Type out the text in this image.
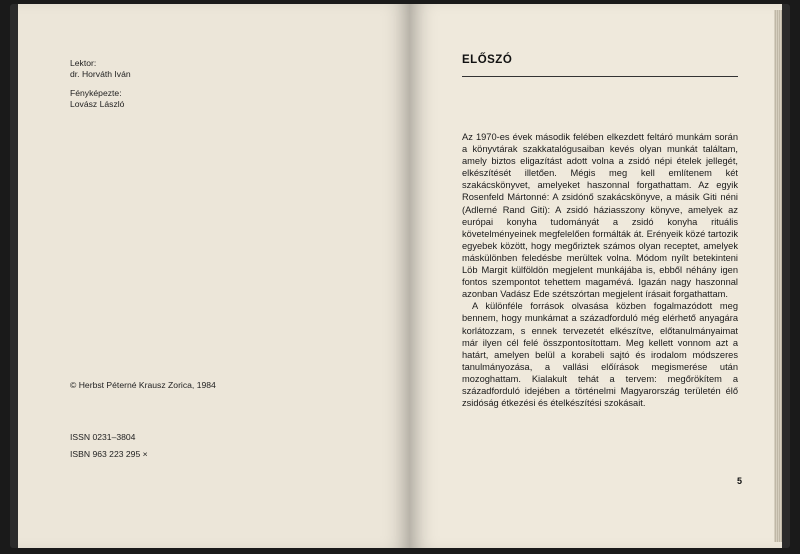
Lektor:
dr. Horváth Iván
Fényképezte:
Lovász László
© Herbst Péterné Krausz Zorica, 1984
ISSN 0231–3804
ISBN 963 223 295 ×
ELŐSZÓ

Az 1970-es évek második felében elkezdett feltáró munkám során a könyvtárak szakkatalógusaiban kevés olyan munkát találtam, amely biztos eligazítást adott volna a zsidó népi ételek jellegét, elkészítését illetően. Mégis meg kell említenem két szakácskönyvet, amelyeket haszonnal forgathattam. Az egyik Rosenfeld Mártonné: A zsidónő szakácskönyve, a másik Giti néni (Adlerné Rand Giti): A zsidó háziasszony könyve, amelyek az európai konyha tudományát a zsidó konyha rituális követelményeinek megfelelően formálták át. Erényeik közé tartozik egyebek között, hogy megőriztek számos olyan receptet, amelyek máskülönben feledésbe merültek volna. Módom nyílt betekinteni Löb Margit külföldön megjelent munkájába is, ebből néhány igen fontos szempontot tehettem magamévá. Igazán nagy haszonnal azonban Vadász Ede szétszórtan megjelent írásait forgathattam.

A különféle források olvasása közben fogalmazódott meg bennem, hogy munkámat a századforduló még elérhető anyagára korlátozzam, s ennek tervezetét elkészítve, előtanulmányaimat már ilyen cél felé összpontosítottam. Meg kellett vonnom azt a határt, amelyen belül a korabeli sajtó és irodalom módszeres tanulmányozása, a vallási előírások megismerése után mozoghattam. Kialakult tehát a tervem: megőrökítem a századforduló idejében a történelmi Magyarország területén élő zsidóság étkezési és ételkészítési szokásait.

5
